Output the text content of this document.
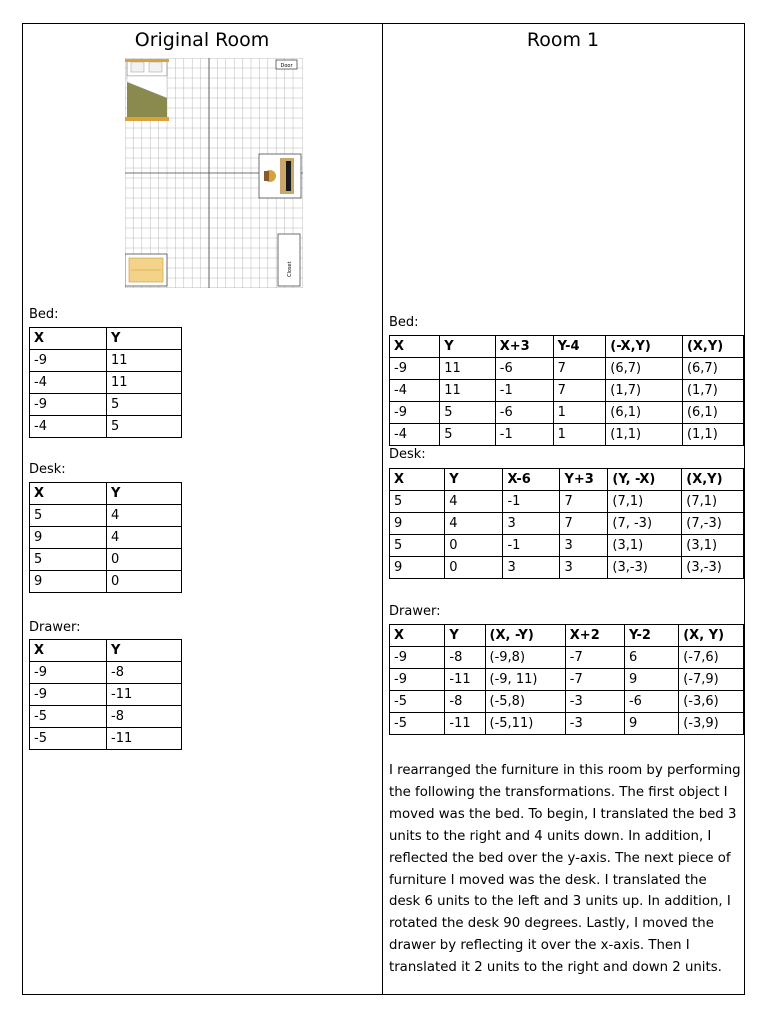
Original Room
Door
Closet
Bed:
X	Y
-9	11
-4	11
-9	5
-4	5
Desk:
X	Y
5	4
9	4
5	0
9	0
Drawer:
X	Y
-9	-8
-9	-11
-5	-8
-5	-11
Room 1
Bed:
X	Y	X+3	Y-4	(-X,Y)	(X,Y)
-9	11	-6	7	(6,7)	(6,7)
-4	11	-1	7	(1,7)	(1,7)
-9	5	-6	1	(6,1)	(6,1)
-4	5	-1	1	(1,1)	(1,1)
Desk:
X	Y	X-6	Y+3	(Y, -X)	(X,Y)
5	4	-1	7	(7,1)	(7,1)
9	4	3	7	(7, -3)	(7,-3)
5	0	-1	3	(3,1)	(3,1)
9	0	3	3	(3,-3)	(3,-3)
Drawer:
X	Y	(X, -Y)	X+2	Y-2	(X, Y)
-9	-8	(-9,8)	-7	6	(-7,6)
-9	-11	(-9, 11)	-7	9	(-7,9)
-5	-8	(-5,8)	-3	-6	(-3,6)
-5	-11	(-5,11)	-3	9	(-3,9)
I rearranged the furniture in this room by performing the following the transformations. The first object I moved was the bed. To begin, I translated the bed 3 units to the right and 4 units down. In addition, I reflected the bed over the y-axis. The next piece of furniture I moved was the desk. I translated the desk 6 units to the left and 3 units up. In addition, I rotated the desk 90 degrees. Lastly, I moved the drawer by reflecting it over the x-axis. Then I translated it 2 units to the right and down 2 units.
